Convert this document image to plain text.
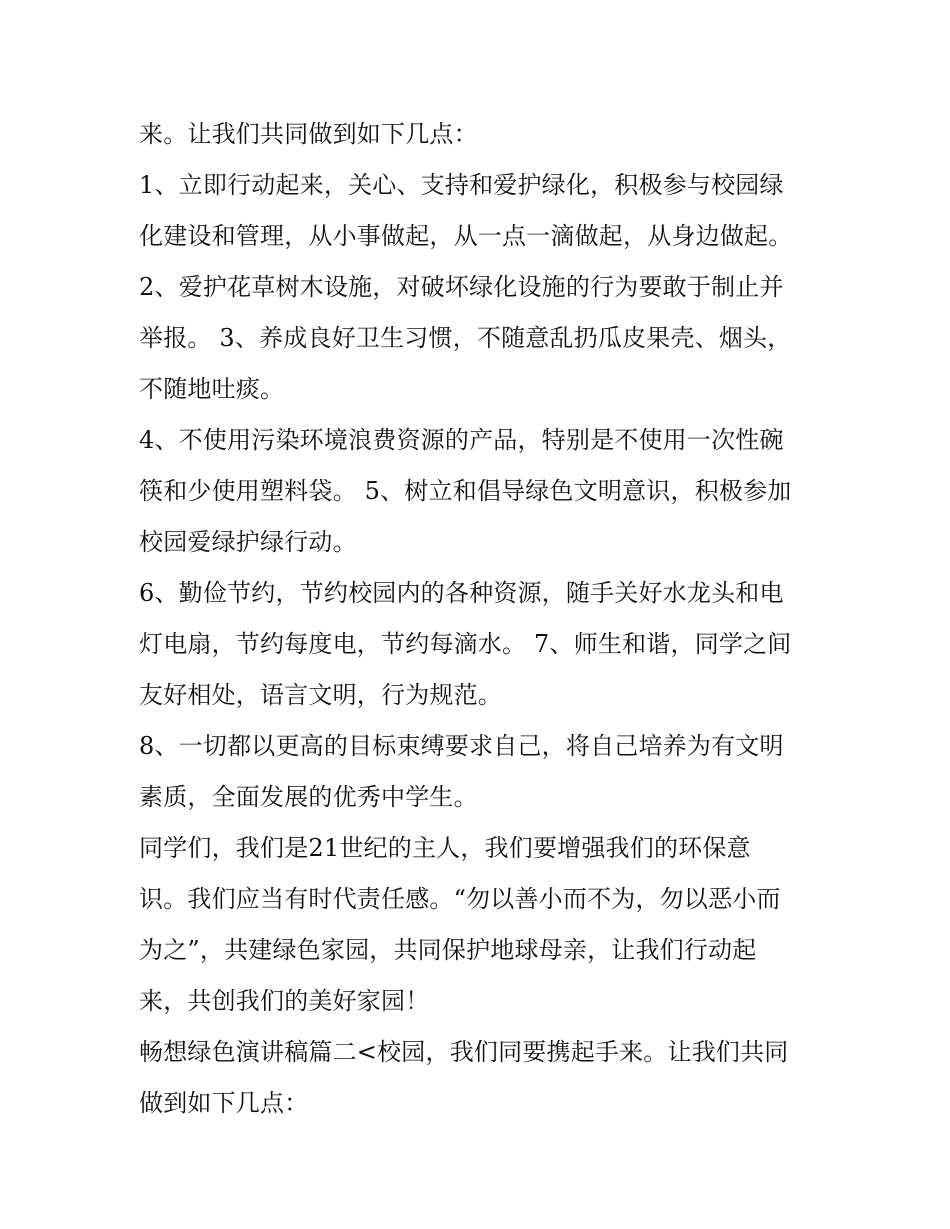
来。让我们共同做到如下几点：
1、立即行动起来，关心、支持和爱护绿化，积极参与校园绿
化建设和管理，从小事做起，从一点一滴做起，从身边做起。
2、爱护花草树木设施，对破坏绿化设施的行为要敢于制止并
举报。 3、养成良好卫生习惯，不随意乱扔瓜皮果壳、烟头，
不随地吐痰。
4、不使用污染环境浪费资源的产品，特别是不使用一次性碗
筷和少使用塑料袋。 5、树立和倡导绿色文明意识，积极参加
校园爱绿护绿行动。
6、勤俭节约，节约校园内的各种资源，随手关好水龙头和电
灯电扇，节约每度电，节约每滴水。 7、师生和谐，同学之间
友好相处，语言文明，行为规范。
8、一切都以更高的目标束缚要求自己，将自己培养为有文明
素质，全面发展的优秀中学生。
同学们，我们是21世纪的主人，我们要增强我们的环保意
识。我们应当有时代责任感。“勿以善小而不为，勿以恶小而
为之”，共建绿色家园，共同保护地球母亲，让我们行动起
来，共创我们的美好家园！
畅想绿色演讲稿篇二<校园，我们同要携起手来。让我们共同
做到如下几点：
